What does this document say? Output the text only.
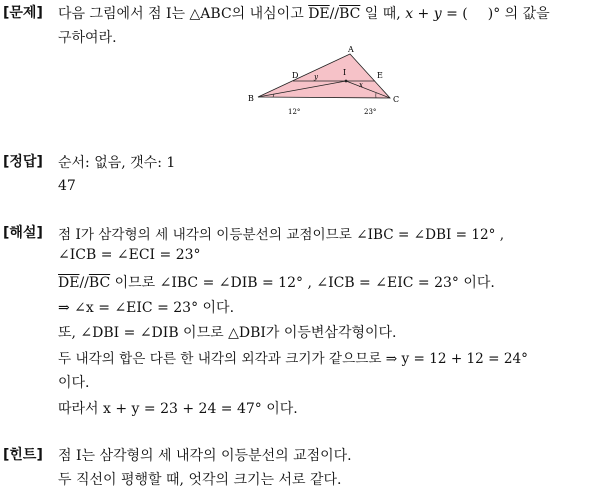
[문제] 다음 그림에서 점 I는 △ABC의 내심이고 $\overline{DE}//\overline{BC}$ 일 때, x + y = ( )° 의 값을
구하여라.
A
B	C
D	E
I
y
x
12°	23°
[정답] 순서: 없음, 갯수: 1
47
[해설] 점 I가 삼각형의 세 내각의 이등분선의 교점이므로 ∠IBC = ∠DBI = 12° ,
∠ICB = ∠ECI = 23°
$\overline{DE}//\overline{BC}$ 이므로 ∠IBC = ∠DIB = 12° , ∠ICB = ∠EIC = 23° 이다.
⇒ ∠x = ∠EIC = 23° 이다.
또, ∠DBI = ∠DIB 이므로 △DBI가 이등변삼각형이다.
두 내각의 합은 다른 한 내각의 외각과 크기가 같으므로 ⇒ y = 12 + 12 = 24°
이다.
따라서 x + y = 23 + 24 = 47° 이다.
[힌트] 점 I는 삼각형의 세 내각의 이등분선의 교점이다.
두 직선이 평행할 때, 엇각의 크기는 서로 같다.
